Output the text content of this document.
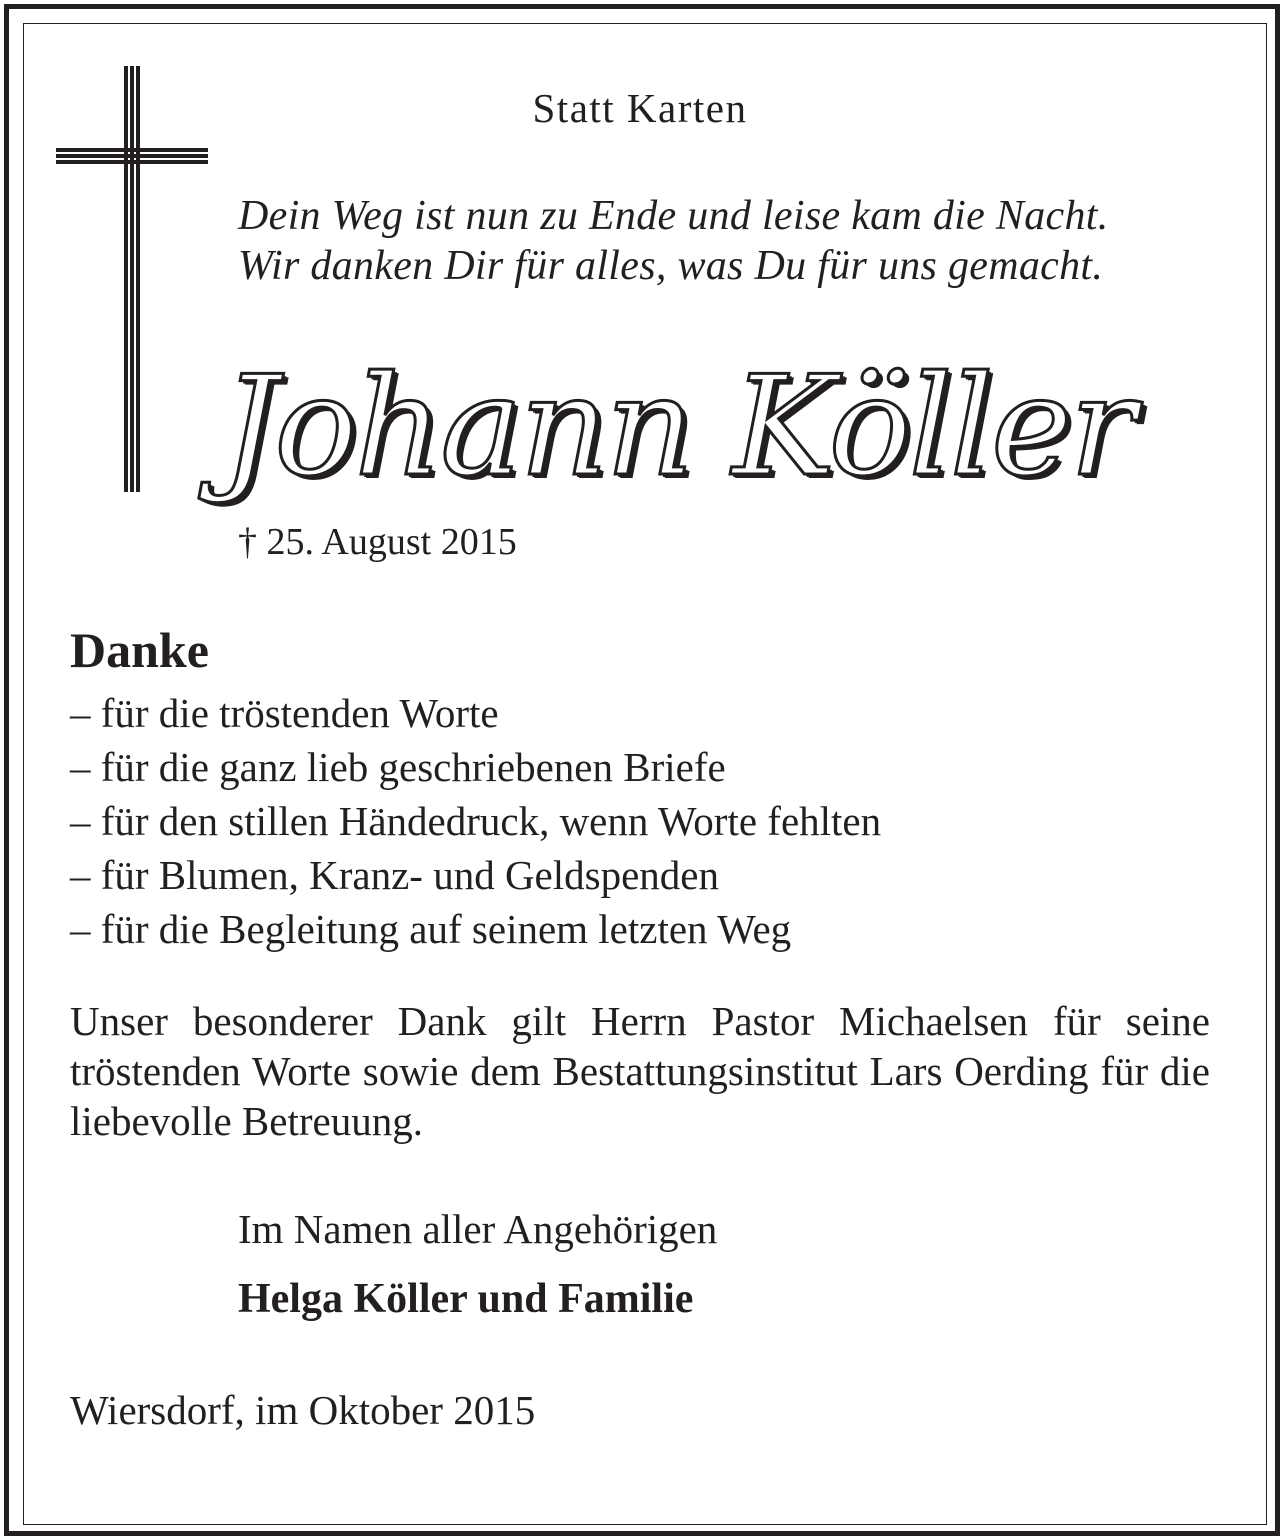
Statt Karten

Dein Weg ist nun zu Ende und leise kam die Nacht.

Wir danken Dir für alles, was Du für uns gemacht.

Johann Köller

† 25. August 2015

Danke

– für die tröstenden Worte
– für die ganz lieb geschriebenen Briefe
– für den stillen Händedruck, wenn Worte fehlten
– für Blumen, Kranz- und Geldspenden
– für die Begleitung auf seinem letzten Weg

Unser besonderer Dank gilt Herrn Pastor Michaelsen für seine tröstenden Worte sowie dem Bestattungsinstitut Lars Oerding für die liebevolle Betreuung.

Im Namen aller Angehörigen

Helga Köller und Familie

Wiersdorf, im Oktober 2015
